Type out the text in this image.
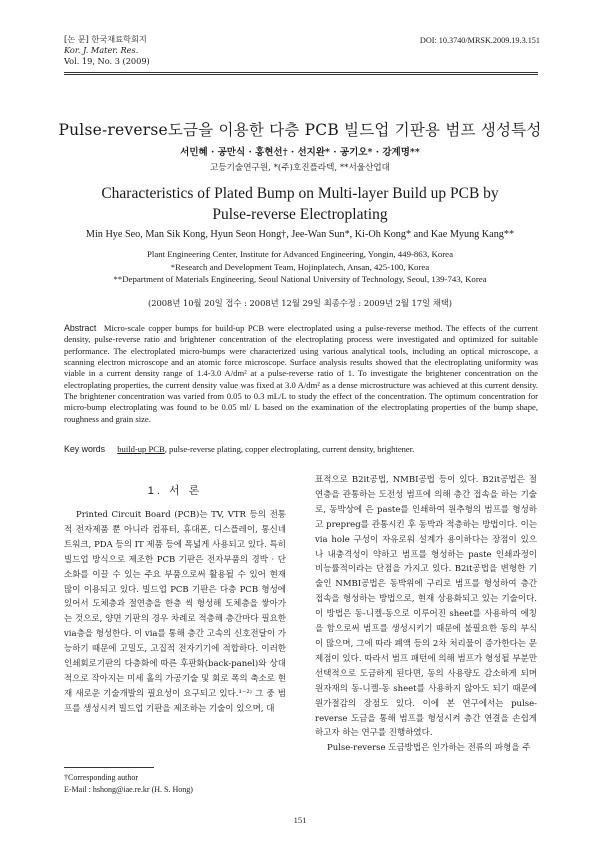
[논 문] 한국재료학회지
Kor. J. Mater. Res.
Vol. 19, No. 3 (2009)
DOI: 10.3740/MRSK.2009.19.3.151
Pulse-reverse도금을 이용한 다층 PCB 빌드업 기판용 범프 생성특성
서민혜 · 공만식 · 홍현선† · 선지완* · 공기오* · 강계명**
고등기술연구원, *(주)호진플라텍, **서울산업대
Characteristics of Plated Bump on Multi-layer Build up PCB by
Pulse-reverse Electroplating
Min Hye Seo, Man Sik Kong, Hyun Seon Hong†, Jee-Wan Sun*, Ki-Oh Kong* and Kae Myung Kang**
Plant Engineering Center, Institute for Advanced Engineering, Yongin, 449-863, Korea
*Research and Development Team, Hojinplatech, Ansan, 425-100, Korea
**Department of Materials Engineering, Seoul National University of Technology, Seoul, 139-743, Korea
(2008년 10월 20일 접수 : 2008년 12월 29일 최종수정 : 2009년 2월 17일 채택)
Abstract Micro-scale copper bumps for build-up PCB were electroplated using a pulse-reverse method. The effects of the current density, pulse-reverse ratio and brightener concentration of the electroplating process were investigated and optimized for suitable performance. The electroplated micro-bumps were characterized using various analytical tools, including an optical microscope, a scanning electron microscope and an atomic force microscope. Surface analysis results showed that the electroplating uniformity was viable in a current density range of 1.4-3.0 A/dm² at a pulse-reverse ratio of 1. To investigate the brightener concentration on the electroplating properties, the current density value was fixed at 3.0 A/dm² as a dense microstructure was achieved at this current density. The brightener concentration was varied from 0.05 to 0.3 mL/L to study the effect of the concentration. The optimum concentration for micro-bump electroplating was found to be 0.05 ml/ L based on the examination of the electroplating properties of the bump shape, roughness and grain size.
Key words build-up PCB, pulse-reverse plating, copper electroplating, current density, brightener.
1. 서 론

Printed Circuit Board (PCB)는 TV, VTR 등의 전통적 전자제품 뿐 아니라 컴퓨터, 휴대폰, 디스플레이, 통신네트워크, PDA 등의 IT 제품 등에 폭넓게 사용되고 있다. 특히 빌드업 방식으로 제조한 PCB 기판은 전자부품의 경박 · 단소화를 이끌 수 있는 주요 부품으로써 활용될 수 있어 현재 많이 이용되고 있다. 빌드업 PCB 기판은 다층 PCB 형성에 있어서 도체층과 절연층을 한층 씩 형성해 도체층을 쌓아가는 것으로, 양면 기판의 경우 차례로 적층해 층간마다 필요한 via층을 형성한다. 이 via를 통해 층간 고속의 신호전달이 가능하기 때문에 고밀도, 고집적 전자기기에 적합하다. 이러한 인쇄회로기판의 다층화에 따른 후판화(back-panel)와 상대적으로 작아지는 미세 홀의 가공기술 및 회로 폭의 축소로 현재 새로운 기술개발의 필요성이 요구되고 있다.¹⁻²⁾ 그 중 범프를 생성시켜 빌드업 기판을 제조하는 기술이 있으며, 대

표적으로 B2it공법, NMBI공법 등이 있다. B2it공법은 절연층을 관통하는 도전성 범프에 의해 층간 접속을 하는 기술로, 동박상에 은 paste를 인쇄하여 원추형의 범프를 형성하고 prepreg를 관통시킨 후 동박과 적층하는 방법이다. 이는 via hole 구성이 자유로워 설계가 용이하다는 장점이 있으나 내충격성이 약하고 범프를 형성하는 paste 인쇄과정이 비능률적이라는 단점을 가지고 있다. B2it공법을 변형한 기술인 NMBI공법은 동박위에 구리로 범프를 형성하여 층간 접속을 형성하는 방법으로, 현재 상용화되고 있는 기술이다. 이 방법은 동-니켈-동으로 이루어진 sheet를 사용하여 에칭을 함으로써 범프를 생성시키기 때문에 불필요한 동의 부식이 많으며, 그에 따라 폐액 등의 2차 처리물이 증가한다는 문제점이 있다. 따라서 범프 패턴에 의해 범프가 형성될 부분만 선택적으로 도금하게 된다면, 동의 사용량도 감소하게 되며 원자재의 동-니켈-동 sheet를 사용하지 않아도 되기 때문에 원가절감의 장점도 있다. 이에 본 연구에서는 pulse-reverse 도금을 통해 범프를 형성시켜 층간 연결을 손쉽게 하고자 하는 연구를 진행하였다.

Pulse-reverse 도금방법은 인가하는 전류의 파형을 주

†Corresponding author
E-Mail : hshong@iae.re.kr (H. S. Hong)
151
